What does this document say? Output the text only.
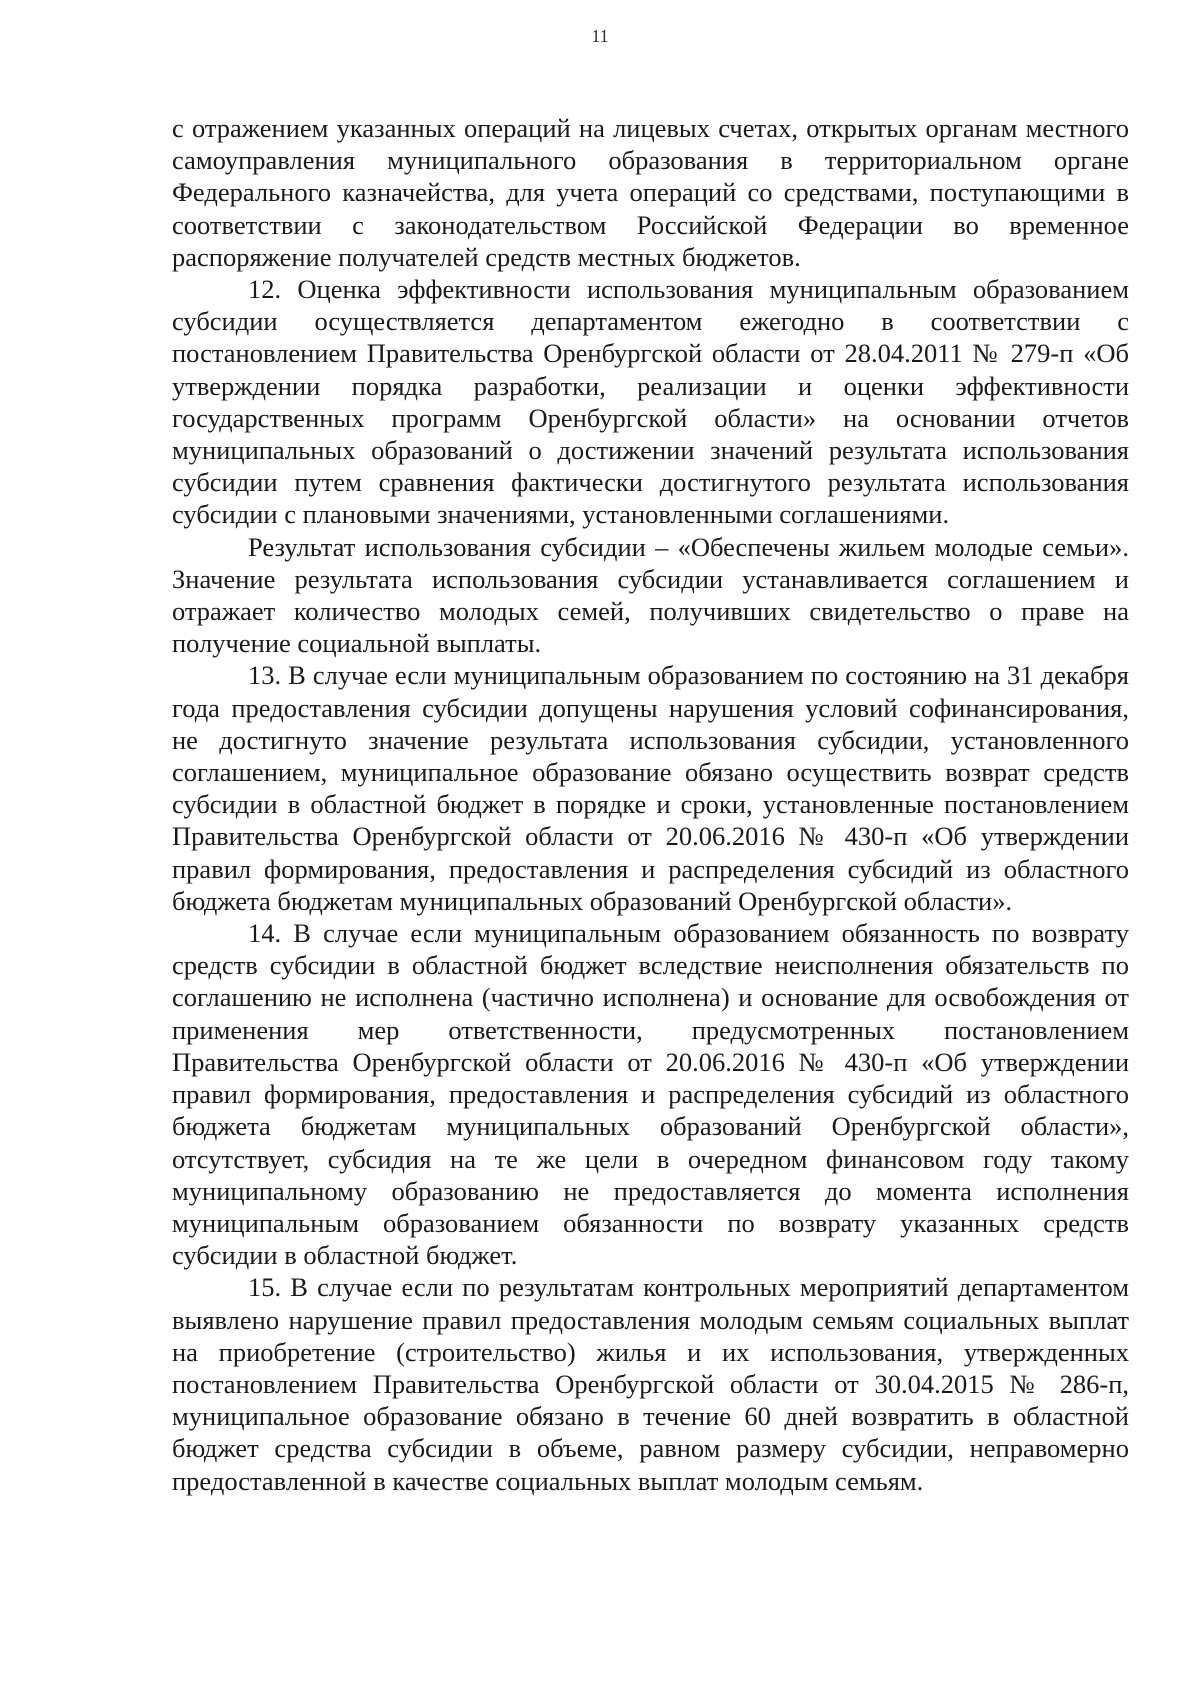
11

с отражением указанных операций на лицевых счетах, открытых органам местного самоуправления муниципального образования в территориальном органе Федерального казначейства, для учета операций со средствами, поступающими в соответствии с законодательством Российской Федерации во временное распоряжение получателей средств местных бюджетов.

12. Оценка эффективности использования муниципальным образованием субсидии осуществляется департаментом ежегодно в соответствии с постановлением Правительства Оренбургской области от 28.04.2011 № 279-п «Об утверждении порядка разработки, реализации и оценки эффективности государственных программ Оренбургской области» на основании отчетов муниципальных образований о достижении значений результата использования субсидии путем сравнения фактически достигнутого результата использования субсидии с плановыми значениями, установленными соглашениями.

Результат использования субсидии – «Обеспечены жильем молодые семьи». Значение результата использования субсидии устанавливается соглашением и отражает количество молодых семей, получивших свидетельство о праве на получение социальной выплаты.

13. В случае если муниципальным образованием по состоянию на 31 декабря года предоставления субсидии допущены нарушения условий софинансирования, не достигнуто значение результата использования субсидии, установленного соглашением, муниципальное образование обязано осуществить возврат средств субсидии в областной бюджет в порядке и сроки, установленные постановлением Правительства Оренбургской области от 20.06.2016 № 430-п «Об утверждении правил формирования, предоставления и распределения субсидий из областного бюджета бюджетам муниципальных образований Оренбургской области».

14. В случае если муниципальным образованием обязанность по возврату средств субсидии в областной бюджет вследствие неисполнения обязательств по соглашению не исполнена (частично исполнена) и основание для освобождения от применения мер ответственности, предусмотренных постановлением Правительства Оренбургской области от 20.06.2016 № 430-п «Об утверждении правил формирования, предоставления и распределения субсидий из областного бюджета бюджетам муниципальных образований Оренбургской области», отсутствует, субсидия на те же цели в очередном финансовом году такому муниципальному образованию не предоставляется до момента исполнения муниципальным образованием обязанности по возврату указанных средств субсидии в областной бюджет.

15. В случае если по результатам контрольных мероприятий департаментом выявлено нарушение правил предоставления молодым семьям социальных выплат на приобретение (строительство) жилья и их использования, утвержденных постановлением Правительства Оренбургской области от 30.04.2015 № 286-п, муниципальное образование обязано в течение 60 дней возвратить в областной бюджет средства субсидии в объеме, равном размеру субсидии, неправомерно предоставленной в качестве социальных выплат молодым семьям.
